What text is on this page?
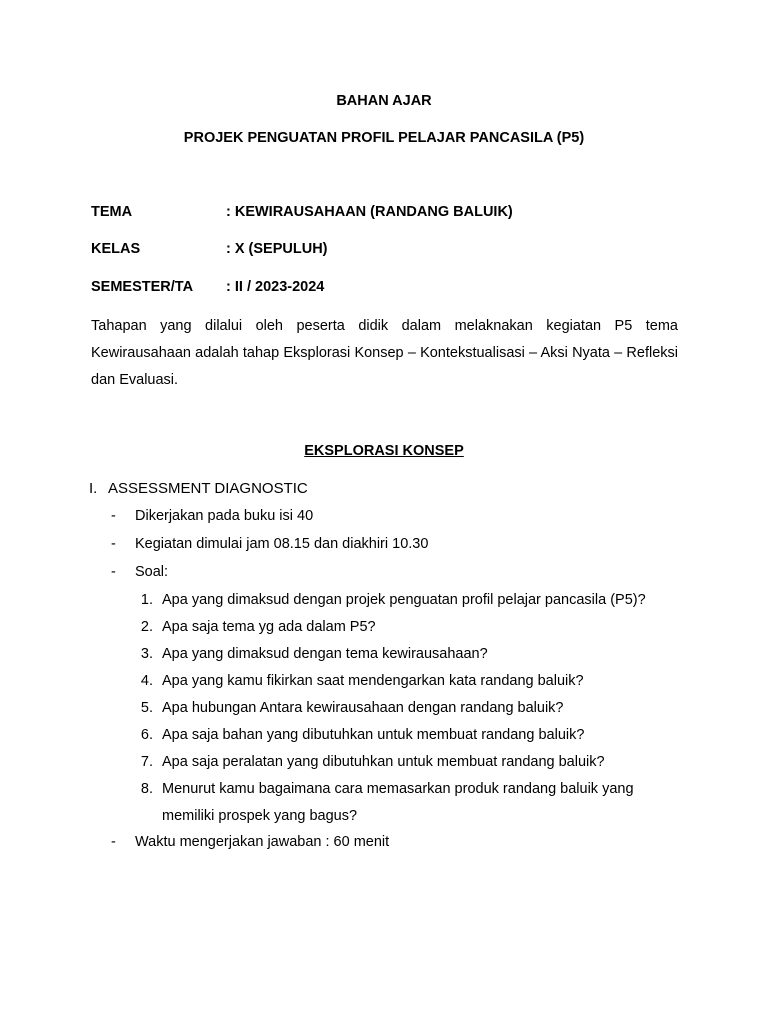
BAHAN AJAR
PROJEK PENGUATAN PROFIL PELAJAR PANCASILA (P5)
TEMA	: KEWIRAUSAHAAN (RANDANG BALUIK)
KELAS	: X (SEPULUH)
SEMESTER/TA : II / 2023-2024
Tahapan yang dilalui oleh peserta didik dalam melaknakan kegiatan P5 tema Kewirausahaan adalah tahap Eksplorasi Konsep – Kontekstualisasi – Aksi Nyata – Refleksi dan Evaluasi.
EKSPLORASI KONSEP
I. ASSESSMENT DIAGNOSTIC
- Dikerjakan pada buku isi 40
- Kegiatan dimulai jam 08.15 dan diakhiri 10.30
- Soal:
1. Apa yang dimaksud dengan projek penguatan profil pelajar pancasila (P5)?
2. Apa saja tema yg ada dalam P5?
3. Apa yang dimaksud dengan tema kewirausahaan?
4. Apa yang kamu fikirkan saat mendengarkan kata randang baluik?
5. Apa hubungan Antara kewirausahaan dengan randang baluik?
6. Apa saja bahan yang dibutuhkan untuk membuat randang baluik?
7. Apa saja peralatan yang dibutuhkan untuk membuat randang baluik?
8. Menurut kamu bagaimana cara memasarkan produk randang baluik yang memiliki prospek yang bagus?
- Waktu mengerjakan jawaban : 60 menit
